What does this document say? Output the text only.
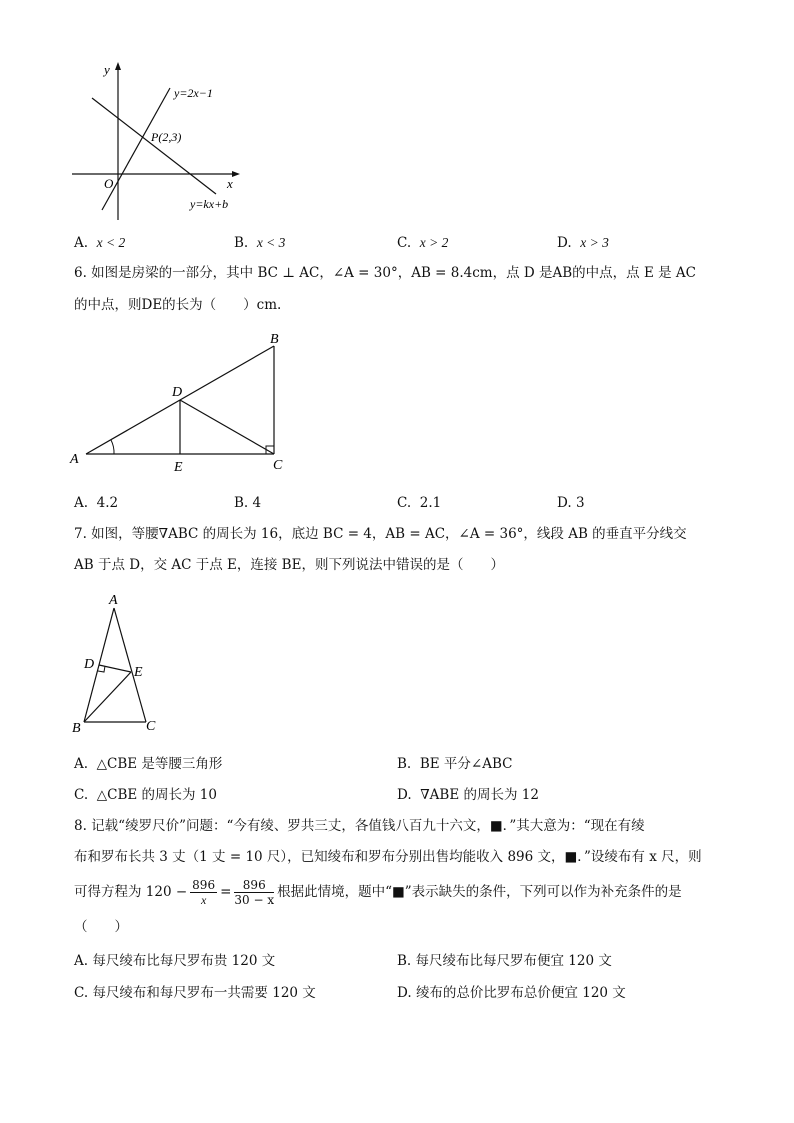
y
x
O
y=2x−1
P(2,3)
y=kx+b
A. x < 2	B. x < 3	C. x > 2	D. x > 3
6. 如图是房梁的一部分，其中 BC ⊥ AC，∠A = 30°，AB = 8.4cm，点 D 是AB的中点，点 E 是 AC
的中点，则DE的长为（　　）cm.
A
B
C
D
E
A. 4.2	B. 4	C. 2.1	D. 3
7. 如图，等腰∇ABC 的周长为 16，底边 BC = 4，AB = AC，∠A = 36°，线段 AB 的垂直平分线交
AB 于点 D，交 AC 于点 E，连接 BE，则下列说法中错误的是（　　）
A
B	C
D
E
A. △CBE 是等腰三角形	B. BE 平分∠ABC
C. △CBE 的周长为 10	D. ∇ABE 的周长为 12
8. 记载“绫罗尺价”问题：“今有绫、罗共三丈，各值钱八百九十六文，■．”其大意为：“现在有绫
布和罗布长共 3 丈（1 丈 = 10 尺），已知绫布和罗布分别出售均能收入 896 文，■．”设绫布有 x 尺，则
可得方程为 $120 - \frac{896}{x} = \frac{896}{30 - x}$ 根据此情境，题中“■”表示缺失的条件，下列可以作为补充条件的是
（　　）
A. 每尺绫布比每尺罗布贵 120 文	B. 每尺绫布比每尺罗布便宜 120 文
C. 每尺绫布和每尺罗布一共需要 120 文	D. 绫布的总价比罗布总价便宜 120 文
